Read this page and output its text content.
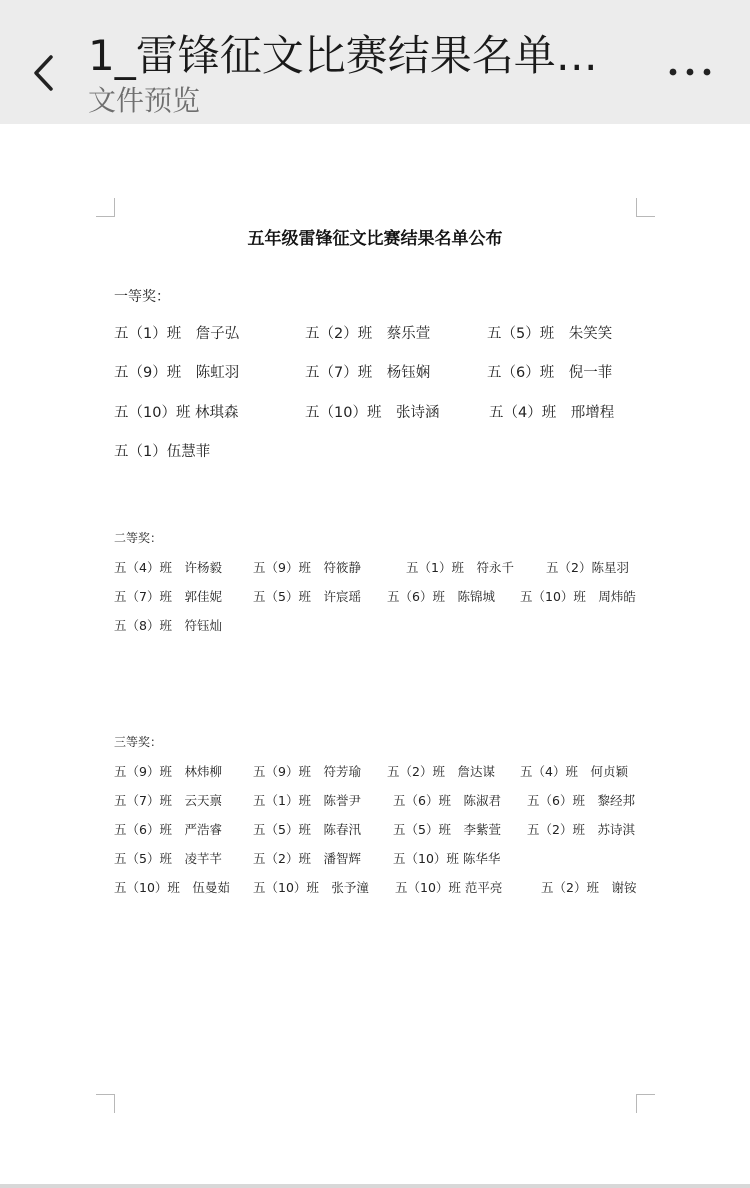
1_雷锋征文比赛结果名单…
文件预览
五年级雷锋征文比赛结果名单公布
一等奖：
五（1）班　詹子弘	五（2）班　蔡乐萱	五（5）班　朱笑笑
五（9）班　陈虹羽	五（7）班　杨钰娴	五（6）班　倪一菲
五（10）班 林琪森	五（10）班　张诗涵	五（4）班　邢增程
五（1）伍慧菲
二等奖：
五（4）班　许杨毅 五（9）班　符筱静	五（1）班　符永千	五（2）陈星羽
五（7）班　郭佳妮 五（5）班　许宸瑶 五（6）班　陈锦城 五（10）班　周炜皓
五（8）班　符钰灿
三等奖：
五（9）班　林炜柳 五（9）班　符芳瑜 五（2）班　詹达谋 五（4）班　何贞颖
五（7）班　云天禀 五（1）班　陈誉尹	五（6）班　陈淑君 五（6）班　黎经邦
五（6）班　严浩睿 五（5）班　陈春汛	五（5）班　李紫萱 五（2）班　苏诗淇
五（5）班　凌芊芊 五（2）班　潘智辉	五（10）班 陈华华
五（10）班　伍曼茹 五（10）班　张予潼 五（10）班 范平亮	五（2）班　谢铵
